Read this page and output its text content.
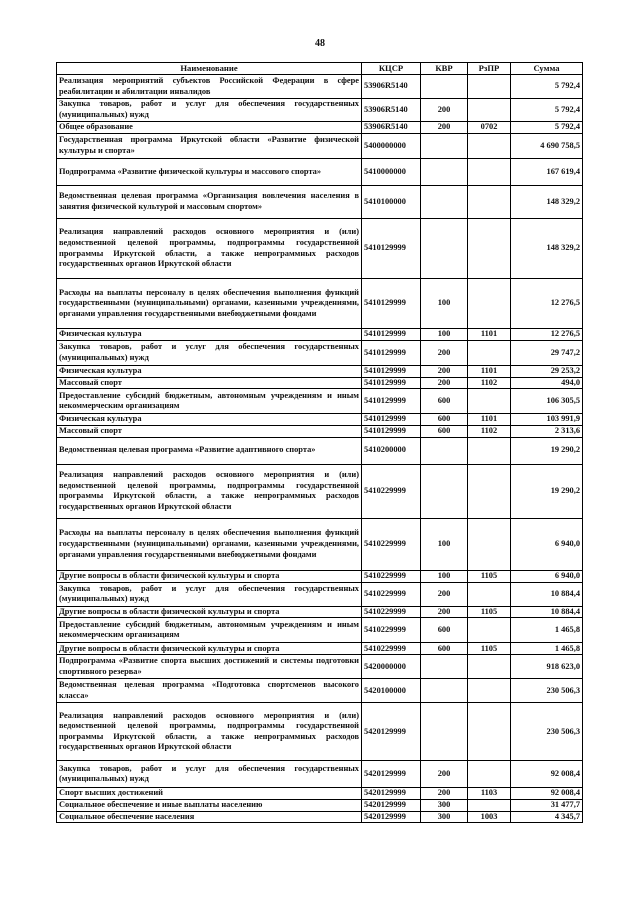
48
Наименование	КЦСР	КВР	РзПР	Сумма
Реализация мероприятий субъектов Российской Федерации в сфере реабилитации и абилитации инвалидов	53906R5140			5 792,4
Закупка товаров, работ и услуг для обеспечения государственных (муниципальных) нужд	53906R5140	200		5 792,4
Общее образование	53906R5140	200	0702	5 792,4
Государственная программа Иркутской области «Развитие физической культуры и спорта»	5400000000			4 690 758,5
Подпрограмма «Развитие физической культуры и массового спорта»	5410000000			167 619,4
Ведомственная целевая программа «Организация вовлечения населения в занятия физической культурой и массовым спортом»	5410100000			148 329,2
Реализация направлений расходов основного мероприятия и (или) ведомственной целевой программы, подпрограммы государственной программы Иркутской области, а также непрограммных расходов государственных органов Иркутской области	5410129999			148 329,2
Расходы на выплаты персоналу в целях обеспечения выполнения функций государственными (муниципальными) органами, казенными учреждениями, органами управления государственными внебюджетными фондами	5410129999	100		12 276,5
Физическая культура	5410129999	100	1101	12 276,5
Закупка товаров, работ и услуг для обеспечения государственных (муниципальных) нужд	5410129999	200		29 747,2
Физическая культура	5410129999	200	1101	29 253,2
Массовый спорт	5410129999	200	1102	494,0
Предоставление субсидий бюджетным, автономным учреждениям и иным некоммерческим организациям	5410129999	600		106 305,5
Физическая культура	5410129999	600	1101	103 991,9
Массовый спорт	5410129999	600	1102	2 313,6
Ведомственная целевая программа «Развитие адаптивного спорта»	5410200000			19 290,2
Реализация направлений расходов основного мероприятия и (или) ведомственной целевой программы, подпрограммы государственной программы Иркутской области, а также непрограммных расходов государственных органов Иркутской области	5410229999			19 290,2
Расходы на выплаты персоналу в целях обеспечения выполнения функций государственными (муниципальными) органами, казенными учреждениями, органами управления государственными внебюджетными фондами	5410229999	100		6 940,0
Другие вопросы в области физической культуры и спорта	5410229999	100	1105	6 940,0
Закупка товаров, работ и услуг для обеспечения государственных (муниципальных) нужд	5410229999	200		10 884,4
Другие вопросы в области физической культуры и спорта	5410229999	200	1105	10 884,4
Предоставление субсидий бюджетным, автономным учреждениям и иным некоммерческим организациям	5410229999	600		1 465,8
Другие вопросы в области физической культуры и спорта	5410229999	600	1105	1 465,8
Подпрограмма «Развитие спорта высших достижений и системы подготовки спортивного резерва»	5420000000			918 623,0
Ведомственная целевая программа «Подготовка спортсменов высокого класса»	5420100000			230 506,3
Реализация направлений расходов основного мероприятия и (или) ведомственной целевой программы, подпрограммы государственной программы Иркутской области, а также непрограммных расходов государственных органов Иркутской области	5420129999			230 506,3
Закупка товаров, работ и услуг для обеспечения государственных (муниципальных) нужд	5420129999	200		92 008,4
Спорт высших достижений	5420129999	200	1103	92 008,4
Социальное обеспечение и иные выплаты населению	5420129999	300		31 477,7
Социальное обеспечение населения	5420129999	300	1003	4 345,7
